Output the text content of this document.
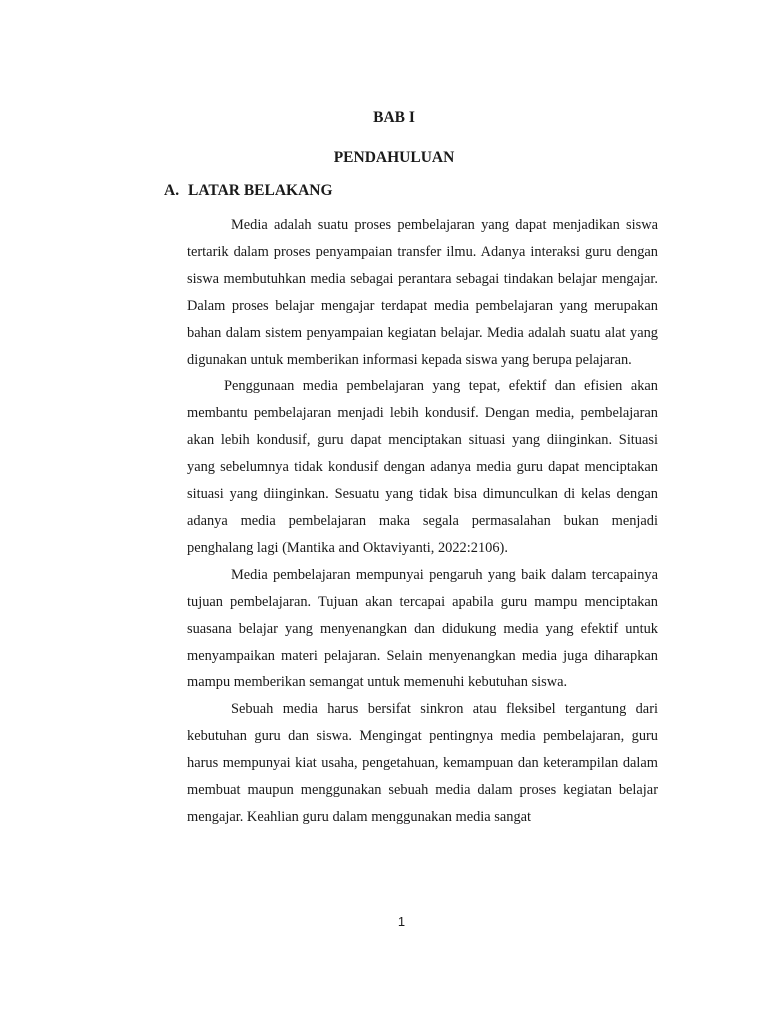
BAB I
PENDAHULUAN
A. LATAR BELAKANG

Media adalah suatu proses pembelajaran yang dapat menjadikan siswa tertarik dalam proses penyampaian transfer ilmu. Adanya interaksi guru dengan siswa membutuhkan media sebagai perantara sebagai tindakan belajar mengajar. Dalam proses belajar mengajar terdapat media pembelajaran yang merupakan bahan dalam sistem penyampaian kegiatan belajar. Media adalah suatu alat yang digunakan untuk memberikan informasi kepada siswa yang berupa pelajaran.

Penggunaan media pembelajaran yang tepat, efektif dan efisien akan membantu pembelajaran menjadi lebih kondusif. Dengan media, pembelajaran akan lebih kondusif, guru dapat menciptakan situasi yang diinginkan. Situasi yang sebelumnya tidak kondusif dengan adanya media guru dapat menciptakan situasi yang diinginkan. Sesuatu yang tidak bisa dimunculkan di kelas dengan adanya media pembelajaran maka segala permasalahan bukan menjadi penghalang lagi (Mantika and Oktaviyanti, 2022:2106).

Media pembelajaran mempunyai pengaruh yang baik dalam tercapainya tujuan pembelajaran. Tujuan akan tercapai apabila guru mampu menciptakan suasana belajar yang menyenangkan dan didukung media yang efektif untuk menyampaikan materi pelajaran. Selain menyenangkan media juga diharapkan mampu memberikan semangat untuk memenuhi kebutuhan siswa.

Sebuah media harus bersifat sinkron atau fleksibel tergantung dari kebutuhan guru dan siswa. Mengingat pentingnya media pembelajaran, guru harus mempunyai kiat usaha, pengetahuan, kemampuan dan keterampilan dalam membuat maupun menggunakan sebuah media dalam proses kegiatan belajar mengajar. Keahlian guru dalam menggunakan media sangat

1
